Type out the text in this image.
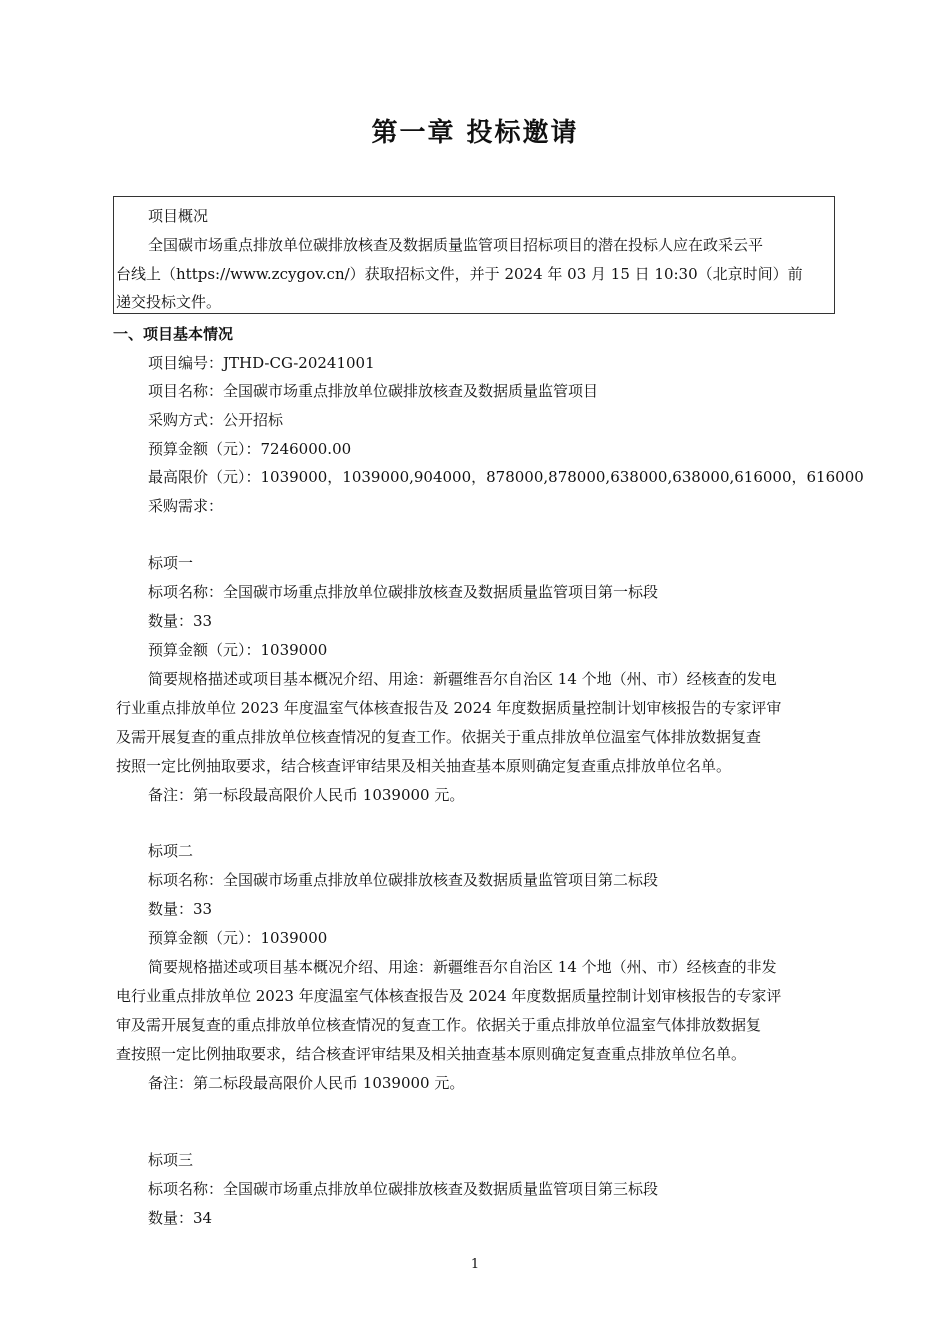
第一章 投标邀请
项目概况
全国碳市场重点排放单位碳排放核查及数据质量监管项目招标项目的潜在投标人应在政采云平
台线上（https://www.zcygov.cn/）获取招标文件，并于 2024 年 03 月 15 日 10:30（北京时间）前
递交投标文件。
一、项目基本情况
项目编号：JTHD-CG-20241001
项目名称：全国碳市场重点排放单位碳排放核查及数据质量监管项目
采购方式：公开招标
预算金额（元）：7246000.00
最高限价（元）：1039000，1039000,904000，878000,878000,638000,638000,616000，616000
采购需求：
标项一
标项名称：全国碳市场重点排放单位碳排放核查及数据质量监管项目第一标段
数量：33
预算金额（元）：1039000
简要规格描述或项目基本概况介绍、用途：新疆维吾尔自治区 14 个地（州、市）经核查的发电
行业重点排放单位 2023 年度温室气体核查报告及 2024 年度数据质量控制计划审核报告的专家评审
及需开展复查的重点排放单位核查情况的复查工作。依据关于重点排放单位温室气体排放数据复查
按照一定比例抽取要求，结合核查评审结果及相关抽查基本原则确定复查重点排放单位名单。
备注：第一标段最高限价人民币 1039000 元。
标项二
标项名称：全国碳市场重点排放单位碳排放核查及数据质量监管项目第二标段
数量：33
预算金额（元）：1039000
简要规格描述或项目基本概况介绍、用途：新疆维吾尔自治区 14 个地（州、市）经核查的非发
电行业重点排放单位 2023 年度温室气体核查报告及 2024 年度数据质量控制计划审核报告的专家评
审及需开展复查的重点排放单位核查情况的复查工作。依据关于重点排放单位温室气体排放数据复
查按照一定比例抽取要求，结合核查评审结果及相关抽查基本原则确定复查重点排放单位名单。
备注：第二标段最高限价人民币 1039000 元。
标项三
标项名称：全国碳市场重点排放单位碳排放核查及数据质量监管项目第三标段
数量：34
1
